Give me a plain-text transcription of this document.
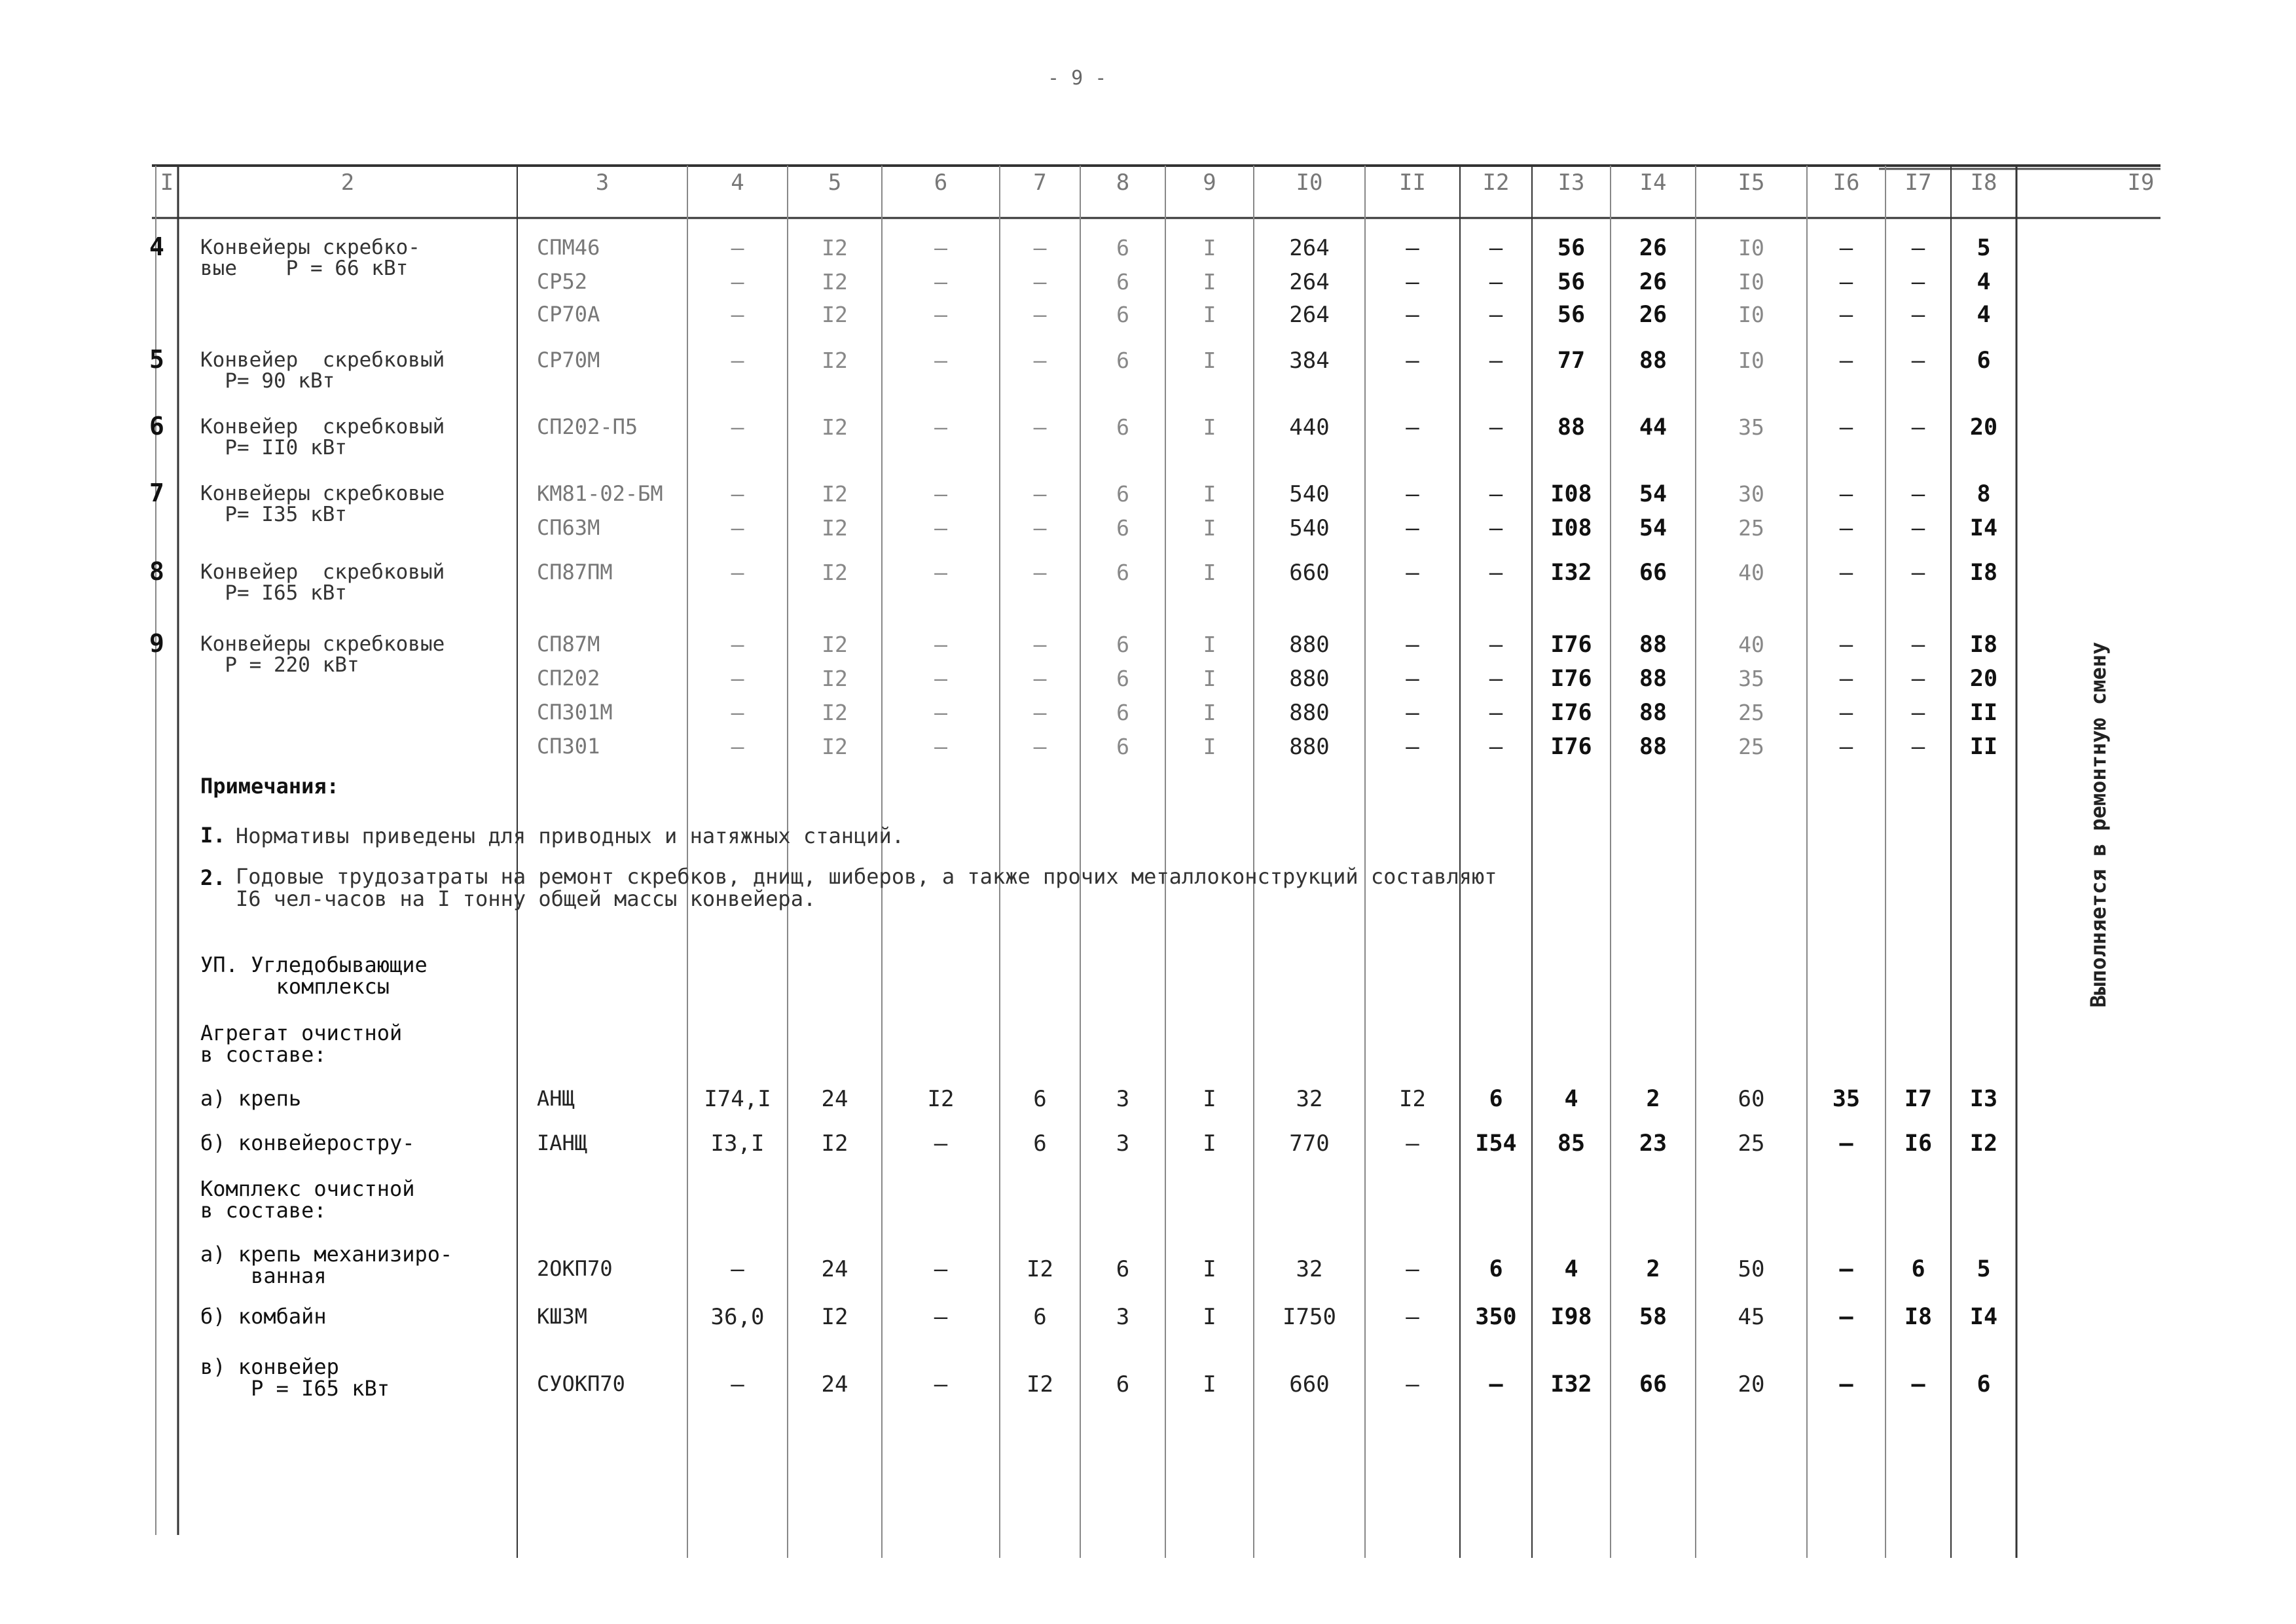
- 9 -
I	2	3	4	5	6	7	8	9	I0	II	I2	I3	I4	I5	I6	I7	I8	I9
4 Конвейеры скребко-
вые    P = 66 кВт
СПМ46	–	I2	–	–	6	I	264	–	–	56	26	I0	–	–	5
СР52	–	I2	–	–	6	I	264	–	–	56	26	I0	–	–	4
СР70А	–	I2	–	–	6	I	264	–	–	56	26	I0	–	–	4
5 Конвейер  скребковый
P= 90 кВт
СР70М	–	I2	–	–	6	I	384	–	–	77	88	I0	–	–	6
6 Конвейер  скребковый
P= II0 кВт
СП202-П5	–	I2	–	–	6	I	440	–	–	88	44	35	–	–	20
7 Конвейеры скребковые
P= I35 кВт
КМ81-02-БМ	–	I2	–	–	6	I	540	–	–	I08	54	30	–	–	8
СП63М	–	I2	–	–	6	I	540	–	–	I08	54	25	–	–	I4
8 Конвейер  скребковый
P= I65 кВт
СП87ПМ	–	I2	–	–	6	I	660	–	–	I32	66	40	–	–	I8
9 Конвейеры скребковые
P = 220 кВт
СП87М	–	I2	–	–	6	I	880	–	–	I76	88	40	–	–	I8
СП202	–	I2	–	–	6	I	880	–	–	I76	88	35	–	–	20
СП301М	–	I2	–	–	6	I	880	–	–	I76	88	25	–	–	II
СП301	–	I2	–	–	6	I	880	–	–	I76	88	25	–	–	II
Примечания:
I. Нормативы приведены для приводных и натяжных станций.
2. Годовые трудозатраты на ремонт скребков, днищ, шиберов, а также прочих металлоконструкций составляют
I6 чел-часов на I тонну общей массы конвейера.
УП. Угледобывающие
комплексы
Агрегат очистной
в составе:
а) крепь	АНЩ	I74,I	24	I2	6	3	I	32	I2	6	4	2	60	35	I7	I3
б) конвейеростру-	IАНЩ	I3,I	I2	–	6	3	I	770	–	I54	85	23	25	–	I6	I2
Комплекс очистной
в составе:
а) крепь механизиро-
ванная	2ОКП70	–	24	–	I2	6	I	32	–	6	4	2	50	–	6	5
б) комбайн	КШЗМ	36,0	I2	–	6	3	I	I750	–	350	I98	58	45	–	I8	I4
в) конвейер
P = I65 кВт	СУОКП70	–	24	–	I2	6	I	660	–	–	I32	66	20	–	–	6
Выполняется в ремонтную смену
